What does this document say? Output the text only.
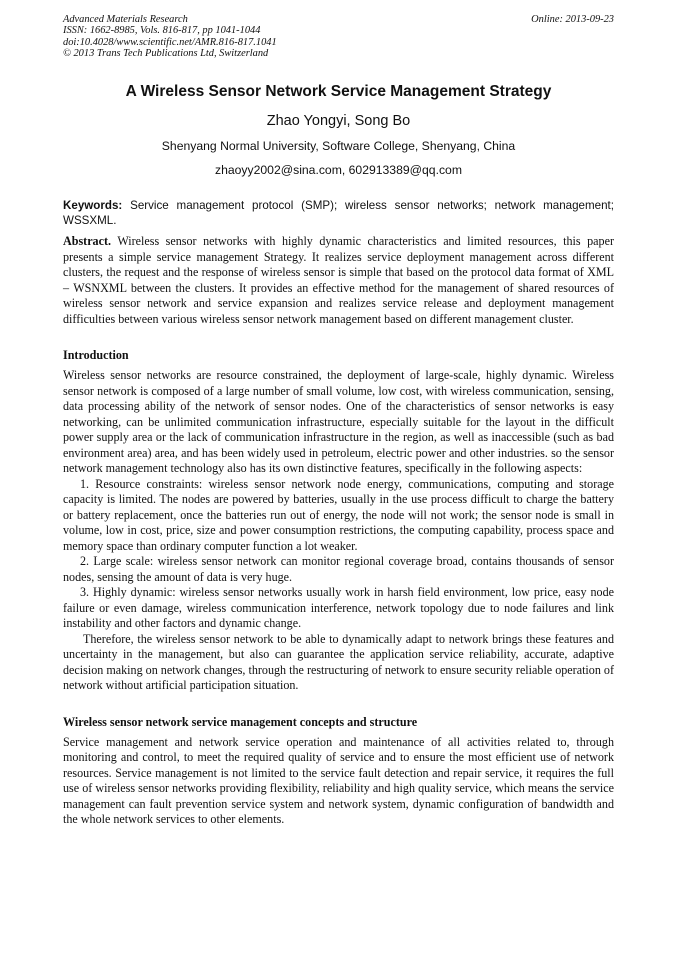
Advanced Materials Research
ISSN: 1662-8985, Vols. 816-817, pp 1041-1044
doi:10.4028/www.scientific.net/AMR.816-817.1041
© 2013 Trans Tech Publications Ltd, Switzerland
Online: 2013-09-23
A Wireless Sensor Network Service Management Strategy
Zhao Yongyi, Song Bo
Shenyang Normal University, Software College, Shenyang, China
zhaoyy2002@sina.com, 602913389@qq.com
Keywords: Service management protocol (SMP); wireless sensor networks; network management; WSSXML.

Abstract. Wireless sensor networks with highly dynamic characteristics and limited resources, this paper presents a simple service management Strategy. It realizes service deployment management across different clusters, the request and the response of wireless sensor is simple that based on the protocol data format of XML – WSNXML between the clusters. It provides an effective method for the management of shared resources of wireless sensor network and service expansion and realizes service release and deployment management difficulties between various wireless sensor network management based on different management cluster.

Introduction

Wireless sensor networks are resource constrained, the deployment of large-scale, highly dynamic. Wireless sensor network is composed of a large number of small volume, low cost, with wireless communication, sensing, data processing ability of the network of sensor nodes. One of the characteristics of sensor networks is easy networking, can be unlimited communication infrastructure, especially suitable for the layout in the difficult power supply area or the lack of communication infrastructure in the region, as well as inaccessible (such as bad environment area) area, and has been widely used in petroleum, electric power and other industries. so the sensor network management technology also has its own distinctive features, specifically in the following aspects:

1. Resource constraints: wireless sensor network node energy, communications, computing and storage capacity is limited. The nodes are powered by batteries, usually in the use process difficult to charge the battery or battery replacement, once the batteries run out of energy, the node will not work; the sensor node is small in volume, low in cost, price, size and power consumption restrictions, the computing capability, process space and memory space than ordinary computer function a lot weaker.

2. Large scale: wireless sensor network can monitor regional coverage broad, contains thousands of sensor nodes, sensing the amount of data is very huge.

3. Highly dynamic: wireless sensor networks usually work in harsh field environment, low price, easy node failure or even damage, wireless communication interference, network topology due to node failures and link instability and other factors and dynamic change.

Therefore, the wireless sensor network to be able to dynamically adapt to network brings these features and uncertainty in the management, but also can guarantee the application service reliability, accurate, adaptive decision making on network changes, through the restructuring of network to ensure security reliable operation of network without artificial participation situation.

Wireless sensor network service management concepts and structure

Service management and network service operation and maintenance of all activities related to, through monitoring and control, to meet the required quality of service and to ensure the most efficient use of network resources. Service management is not limited to the service fault detection and repair service, it requires the full use of wireless sensor networks providing flexibility, reliability and high quality service, which means the service management can fault prevention service system and network system, dynamic configuration of bandwidth and the whole network services to other elements.
